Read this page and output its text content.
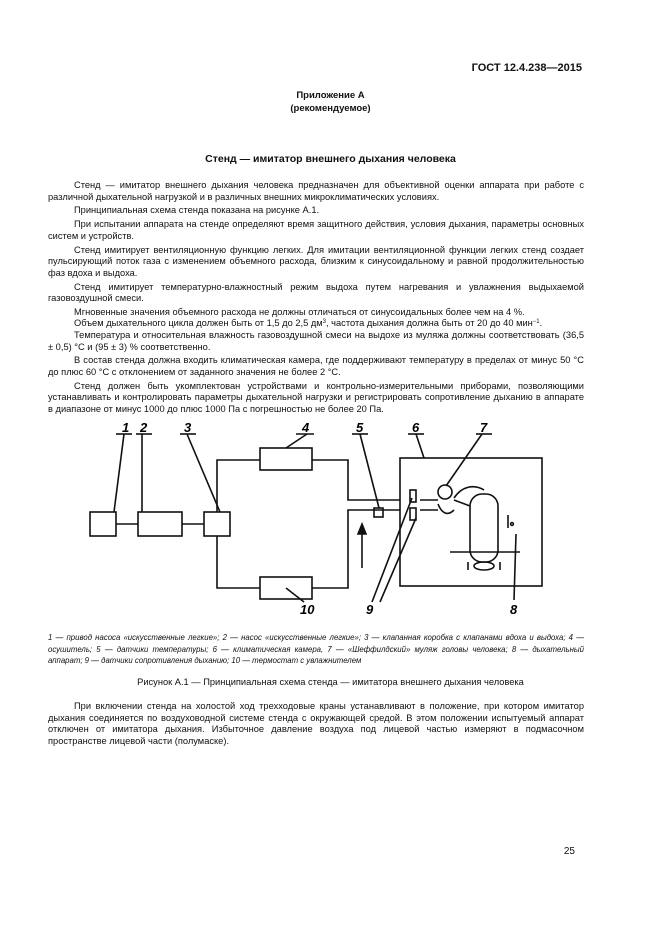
ГОСТ 12.4.238—2015
Приложение А
(рекомендуемое)
Стенд — имитатор внешнего дыхания человека

Стенд — имитатор внешнего дыхания человека предназначен для объективной оценки аппарата при работе с различной дыхательной нагрузкой и в различных внешних микроклиматических условиях.

Принципиальная схема стенда показана на рисунке А.1.

При испытании аппарата на стенде определяют время защитного действия, условия дыхания, параметры основных систем и устройств.

Стенд имитирует вентиляционную функцию легких. Для имитации вентиляционной функции легких стенд создает пульсирующий поток газа с изменением объемного расхода, близким к синусоидальному и равной продолжительностью фаз вдоха и выдоха.

Стенд имитирует температурно-влажностный режим выдоха путем нагревания и увлажнения выдыхаемой газовоздушной смеси.

Мгновенные значения объемного расхода не должны отличаться от синусоидальных более чем на 4 %.

Объем дыхательного цикла должен быть от 1,5 до 2,5 $дм^3$, частота дыхания должна быть от 20 до 40 мин$^{-1}$.

Температура и относительная влажность газовоздушной смеси на выдохе из муляжа должны соответствовать (36,5 ± 0,5) °С и (95 ± 3) % соответственно.

В состав стенда должна входить климатическая камера, где поддерживают температуру в пределах от минус 50 °С до плюс 60 °С с отклонением от заданного значения не более 2 °С.

Стенд должен быть укомплектован устройствами и контрольно-измерительными приборами, позволяющими устанавливать и контролировать параметры дыхательной нагрузки и регистрировать сопротивление дыханию в аппарате в диапазоне от минус 1000 до плюс 1000 Па с погрешностью не более 20 Па.

1 2	3	4	5	6	7
8
9
10
1 — привод насоса «искусственные легкие»; 2 — насос «искусственные легкие»; 3 — клапанная коробка с клапанами вдоха и выдоха; 4 — осушитель; 5 — датчики температуры; 6 — климатическая камера, 7 — «Шеффилдский» муляж головы человека; 8 — дыхательный аппарат; 9 — датчики сопротивления дыханию; 10 — термостат с увлажнителем
Рисунок А.1 — Принципиальная схема стенда — имитатора внешнего дыхания человека

При включении стенда на холостой ход трехходовые краны устанавливают в положение, при котором имитатор дыхания соединяется по воздуховодной системе стенда с окружающей средой. В этом положении испытуемый аппарат отключен от имитатора дыхания. Избыточное давление воздуха под лицевой частью измеряют в подмасочном пространстве лицевой части (полумаске).

25
